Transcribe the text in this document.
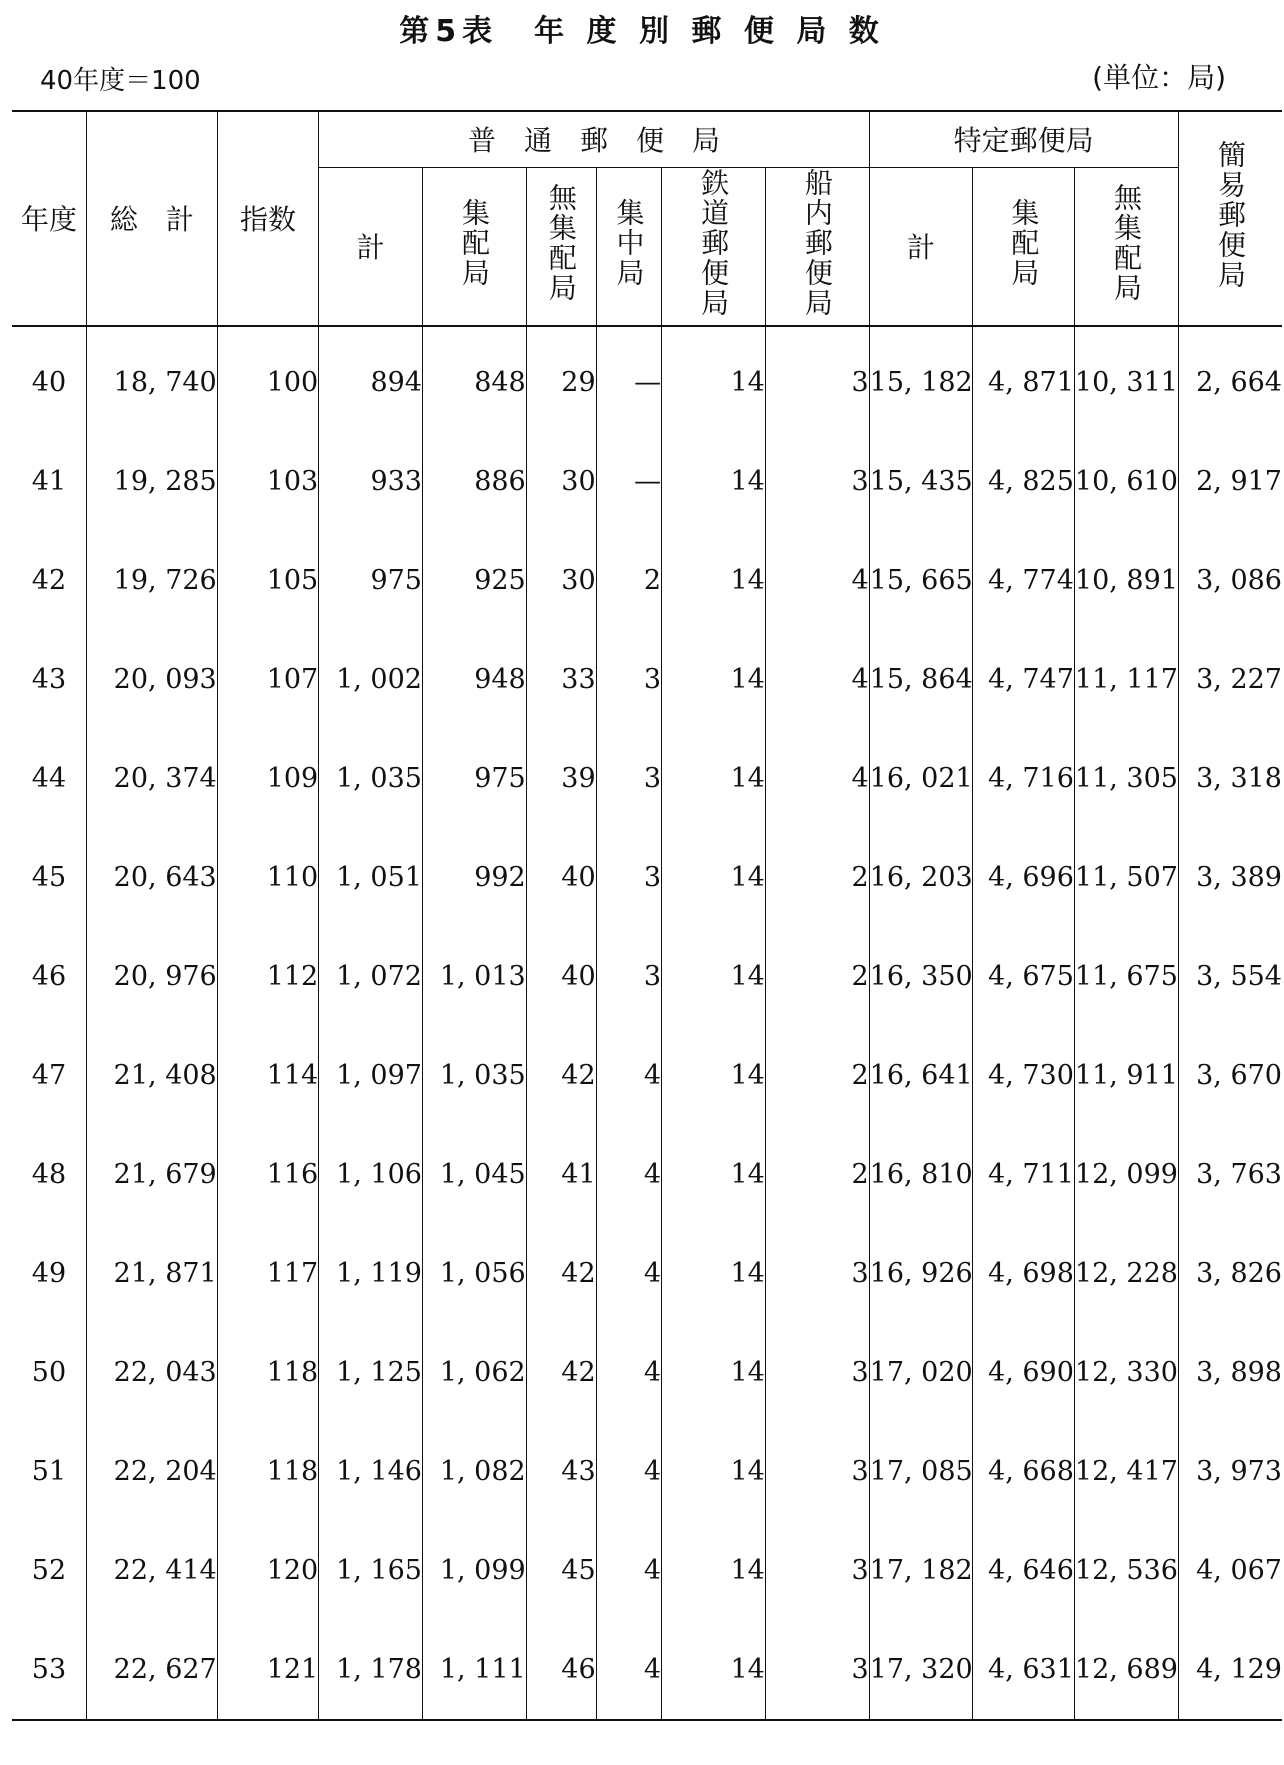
第5表　年 度 別 郵 便 局 数
40年度＝100	(単位：局)
年度	総　計	指数	普　通　郵　便　局						特定郵便局			簡易郵便局
			計	集配局	無集配局	集中局	鉄道郵便局	船内郵便局	計	集配局	無集配局	
40	18, 740	100	894	848	29	—	14	3	15, 182	4, 871	10, 311	2, 664
41	19, 285	103	933	886	30	—	14	3	15, 435	4, 825	10, 610	2, 917
42	19, 726	105	975	925	30	2	14	4	15, 665	4, 774	10, 891	3, 086
43	20, 093	107	1, 002	948	33	3	14	4	15, 864	4, 747	11, 117	3, 227
44	20, 374	109	1, 035	975	39	3	14	4	16, 021	4, 716	11, 305	3, 318
45	20, 643	110	1, 051	992	40	3	14	2	16, 203	4, 696	11, 507	3, 389
46	20, 976	112	1, 072	1, 013	40	3	14	2	16, 350	4, 675	11, 675	3, 554
47	21, 408	114	1, 097	1, 035	42	4	14	2	16, 641	4, 730	11, 911	3, 670
48	21, 679	116	1, 106	1, 045	41	4	14	2	16, 810	4, 711	12, 099	3, 763
49	21, 871	117	1, 119	1, 056	42	4	14	3	16, 926	4, 698	12, 228	3, 826
50	22, 043	118	1, 125	1, 062	42	4	14	3	17, 020	4, 690	12, 330	3, 898
51	22, 204	118	1, 146	1, 082	43	4	14	3	17, 085	4, 668	12, 417	3, 973
52	22, 414	120	1, 165	1, 099	45	4	14	3	17, 182	4, 646	12, 536	4, 067
53	22, 627	121	1, 178	1, 111	46	4	14	3	17, 320	4, 631	12, 689	4, 129
